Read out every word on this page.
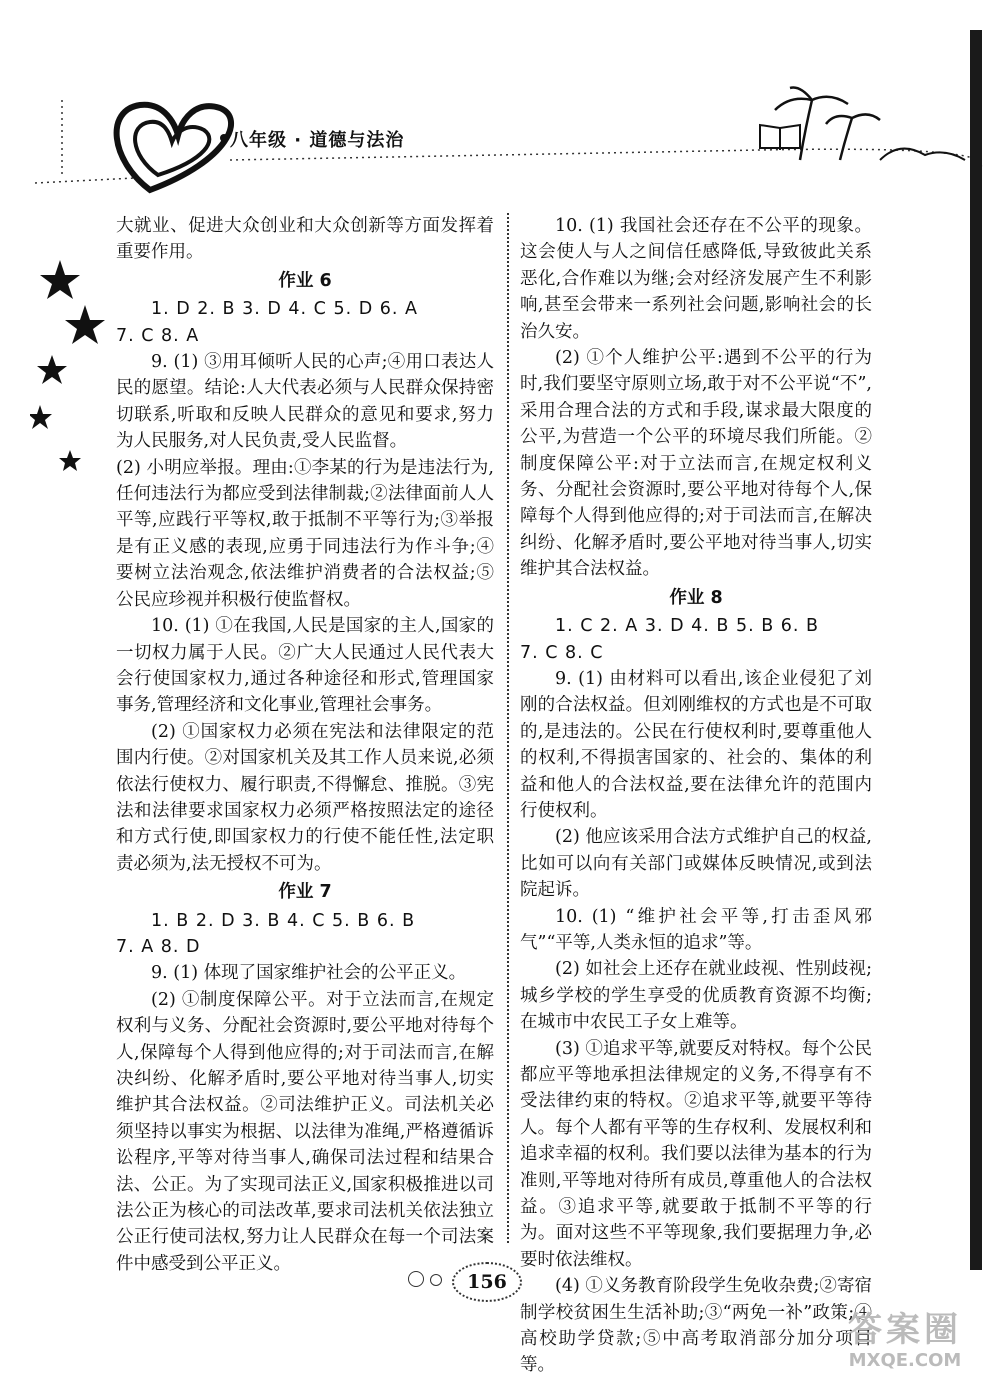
八年级 · 道德与法治

大就业、促进大众创业和大众创新等方面发挥着重要作用。

作业 6

1. D 2. B 3. D 4. C 5. D 6. A

7. C 8. A

9. (1) ③用耳倾听人民的心声;④用口表达人民的愿望。结论:人大代表必须与人民群众保持密切联系,听取和反映人民群众的意见和要求,努力为人民服务,对人民负责,受人民监督。

(2) 小明应举报。理由:①李某的行为是违法行为,任何违法行为都应受到法律制裁;②法律面前人人平等,应践行平等权,敢于抵制不平等行为;③举报是有正义感的表现,应勇于同违法行为作斗争;④要树立法治观念,依法维护消费者的合法权益;⑤公民应珍视并积极行使监督权。

10. (1) ①在我国,人民是国家的主人,国家的一切权力属于人民。②广大人民通过人民代表大会行使国家权力,通过各种途径和形式,管理国家事务,管理经济和文化事业,管理社会事务。

(2) ①国家权力必须在宪法和法律限定的范围内行使。②对国家机关及其工作人员来说,必须依法行使权力、履行职责,不得懈怠、推脱。③宪法和法律要求国家权力必须严格按照法定的途径和方式行使,即国家权力的行使不能任性,法定职责必须为,法无授权不可为。

作业 7

1. B 2. D 3. B 4. C 5. B 6. B

7. A 8. D

9. (1) 体现了国家维护社会的公平正义。

(2) ①制度保障公平。对于立法而言,在规定权利与义务、分配社会资源时,要公平地对待每个人,保障每个人得到他应得的;对于司法而言,在解决纠纷、化解矛盾时,要公平地对待当事人,切实维护其合法权益。②司法维护正义。司法机关必须坚持以事实为根据、以法律为准绳,严格遵循诉讼程序,平等对待当事人,确保司法过程和结果合法、公正。为了实现司法正义,国家积极推进以司法公正为核心的司法改革,要求司法机关依法独立公正行使司法权,努力让人民群众在每一个司法案件中感受到公平正义。

10. (1) 我国社会还存在不公平的现象。这会使人与人之间信任感降低,导致彼此关系恶化,合作难以为继;会对经济发展产生不利影响,甚至会带来一系列社会问题,影响社会的长治久安。

(2) ①个人维护公平:遇到不公平的行为时,我们要坚守原则立场,敢于对不公平说“不”,采用合理合法的方式和手段,谋求最大限度的公平,为营造一个公平的环境尽我们所能。②制度保障公平:对于立法而言,在规定权利义务、分配社会资源时,要公平地对待每个人,保障每个人得到他应得的;对于司法而言,在解决纠纷、化解矛盾时,要公平地对待当事人,切实维护其合法权益。

作业 8

1. C 2. A 3. D 4. B 5. B 6. B

7. C 8. C

9. (1) 由材料可以看出,该企业侵犯了刘刚的合法权益。但刘刚维权的方式也是不可取的,是违法的。公民在行使权利时,要尊重他人的权利,不得损害国家的、社会的、集体的利益和他人的合法权益,要在法律允许的范围内行使权利。

(2) 他应该采用合法方式维护自己的权益,比如可以向有关部门或媒体反映情况,或到法院起诉。

10. (1) “维护社会平等,打击歪风邪气”“平等,人类永恒的追求”等。

(2) 如社会上还存在就业歧视、性别歧视;城乡学校的学生享受的优质教育资源不均衡;在城市中农民工子女上难等。

(3) ①追求平等,就要反对特权。每个公民都应平等地承担法律规定的义务,不得享有不受法律约束的特权。②追求平等,就要平等待人。每个人都有平等的生存权利、发展权利和追求幸福的权利。我们要以法律为基本的行为准则,平等地对待所有成员,尊重他人的合法权益。③追求平等,就要敢于抵制不平等的行为。面对这些不平等现象,我们要据理力争,必要时依法维权。

(4) ①义务教育阶段学生免收杂费;②寄宿制学校贫困生生活补助;③“两免一补”政策;④高校助学贷款;⑤中高考取消部分加分项目等。

156
答案圈
MXQE.COM
